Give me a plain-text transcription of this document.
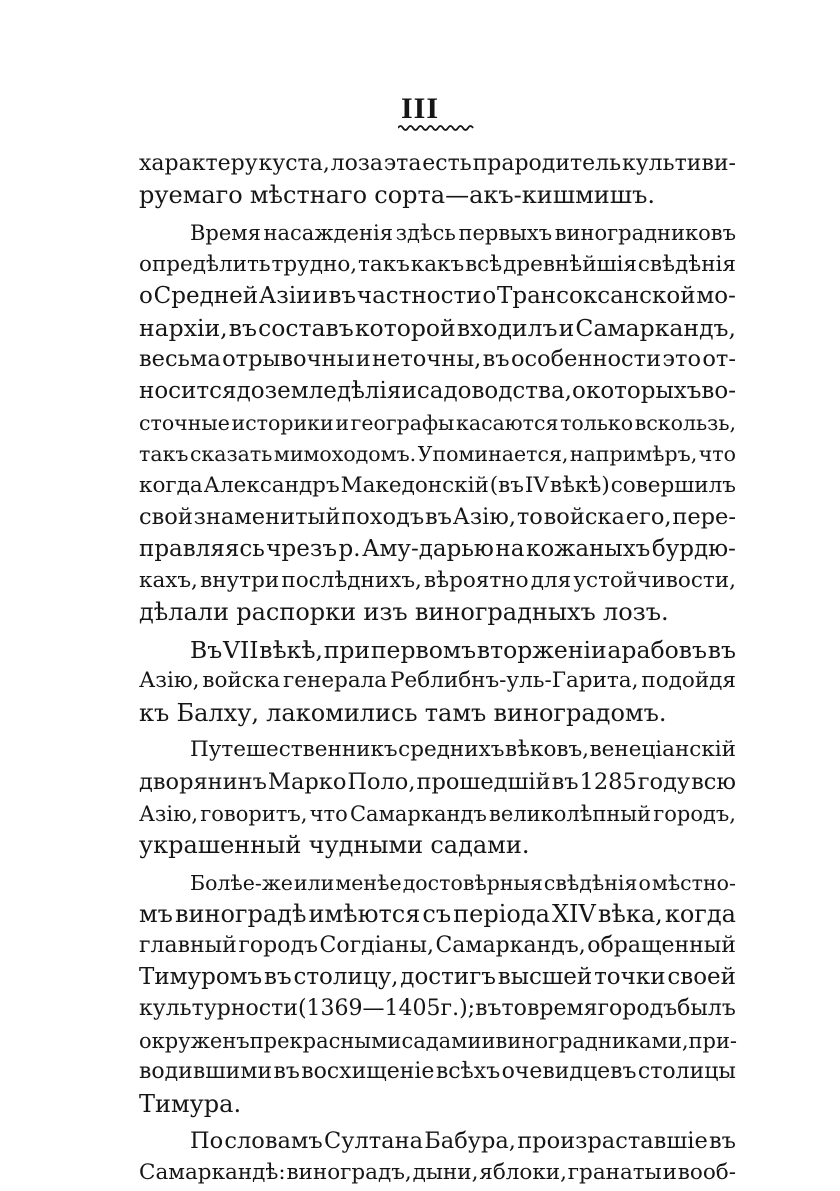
III
характеру куста, лоза эта есть прародитель культиви-
руемаго мѣстнаго сорта—акъ-кишмишъ.
Время насажденія здѣсь первыхъ виноградниковъ
опредѣлить трудно, такъ какъ всѣ древнѣйшія свѣдѣнія
о Средней Азіи и въ частности о Трансоксанской мо-
нархіи, въ составъ которой входилъ и Самаркандъ,
весьма отрывочны и неточны, въ особенности это от-
носится до земледѣлія и садоводства, о которыхъ во-
сточные историки и географы касаются только вскользь,
такъ сказать мимоходомъ. Упоминается, напримѣръ, что
когда Александръ Македонскій (въ IV вѣкѣ) совершилъ
свой знаменитый походъ въ Азію, то войска его, пере-
правляясь чрезъ р. Аму-дарью на кожаныхъ бурдю-
кахъ, внутри послѣднихъ, вѣроятно для устойчивости,
дѣлали распорки изъ виноградныхъ лозъ.
Въ VII вѣкѣ, при первомъ вторженіи арабовъ въ
Азію, войска генерала Реблибнъ-уль-Гарита, подойдя
къ Балху, лакомились тамъ виноградомъ.
Путешественникъ среднихъ вѣковъ, венеціанскій
дворянинъ Марко Поло, прошедшій въ 1285 году всю
Азію, говоритъ, что Самаркандъ великолѣпный городъ,
украшенный чудными садами.
Болѣе-же или менѣе достовѣрныя свѣдѣнія о мѣстно-
мъ виноградѣ имѣются съ періода XIV вѣка, когда
главный городъ Согдіаны, Самаркандъ, обращенный
Тимуромъ въ столицу, достигъ высшей точки своей
культурности (1369—1405 г.); въ то время городъ былъ
окруженъ прекрасными садами и виноградниками, при-
водившими въ восхищеніе всѣхъ очевидцевъ столицы
Тимура.
По словамъ Султана Бабура, произраставшіе въ
Самаркандѣ: виноградъ, дыни, яблоки, гранаты и вооб-
